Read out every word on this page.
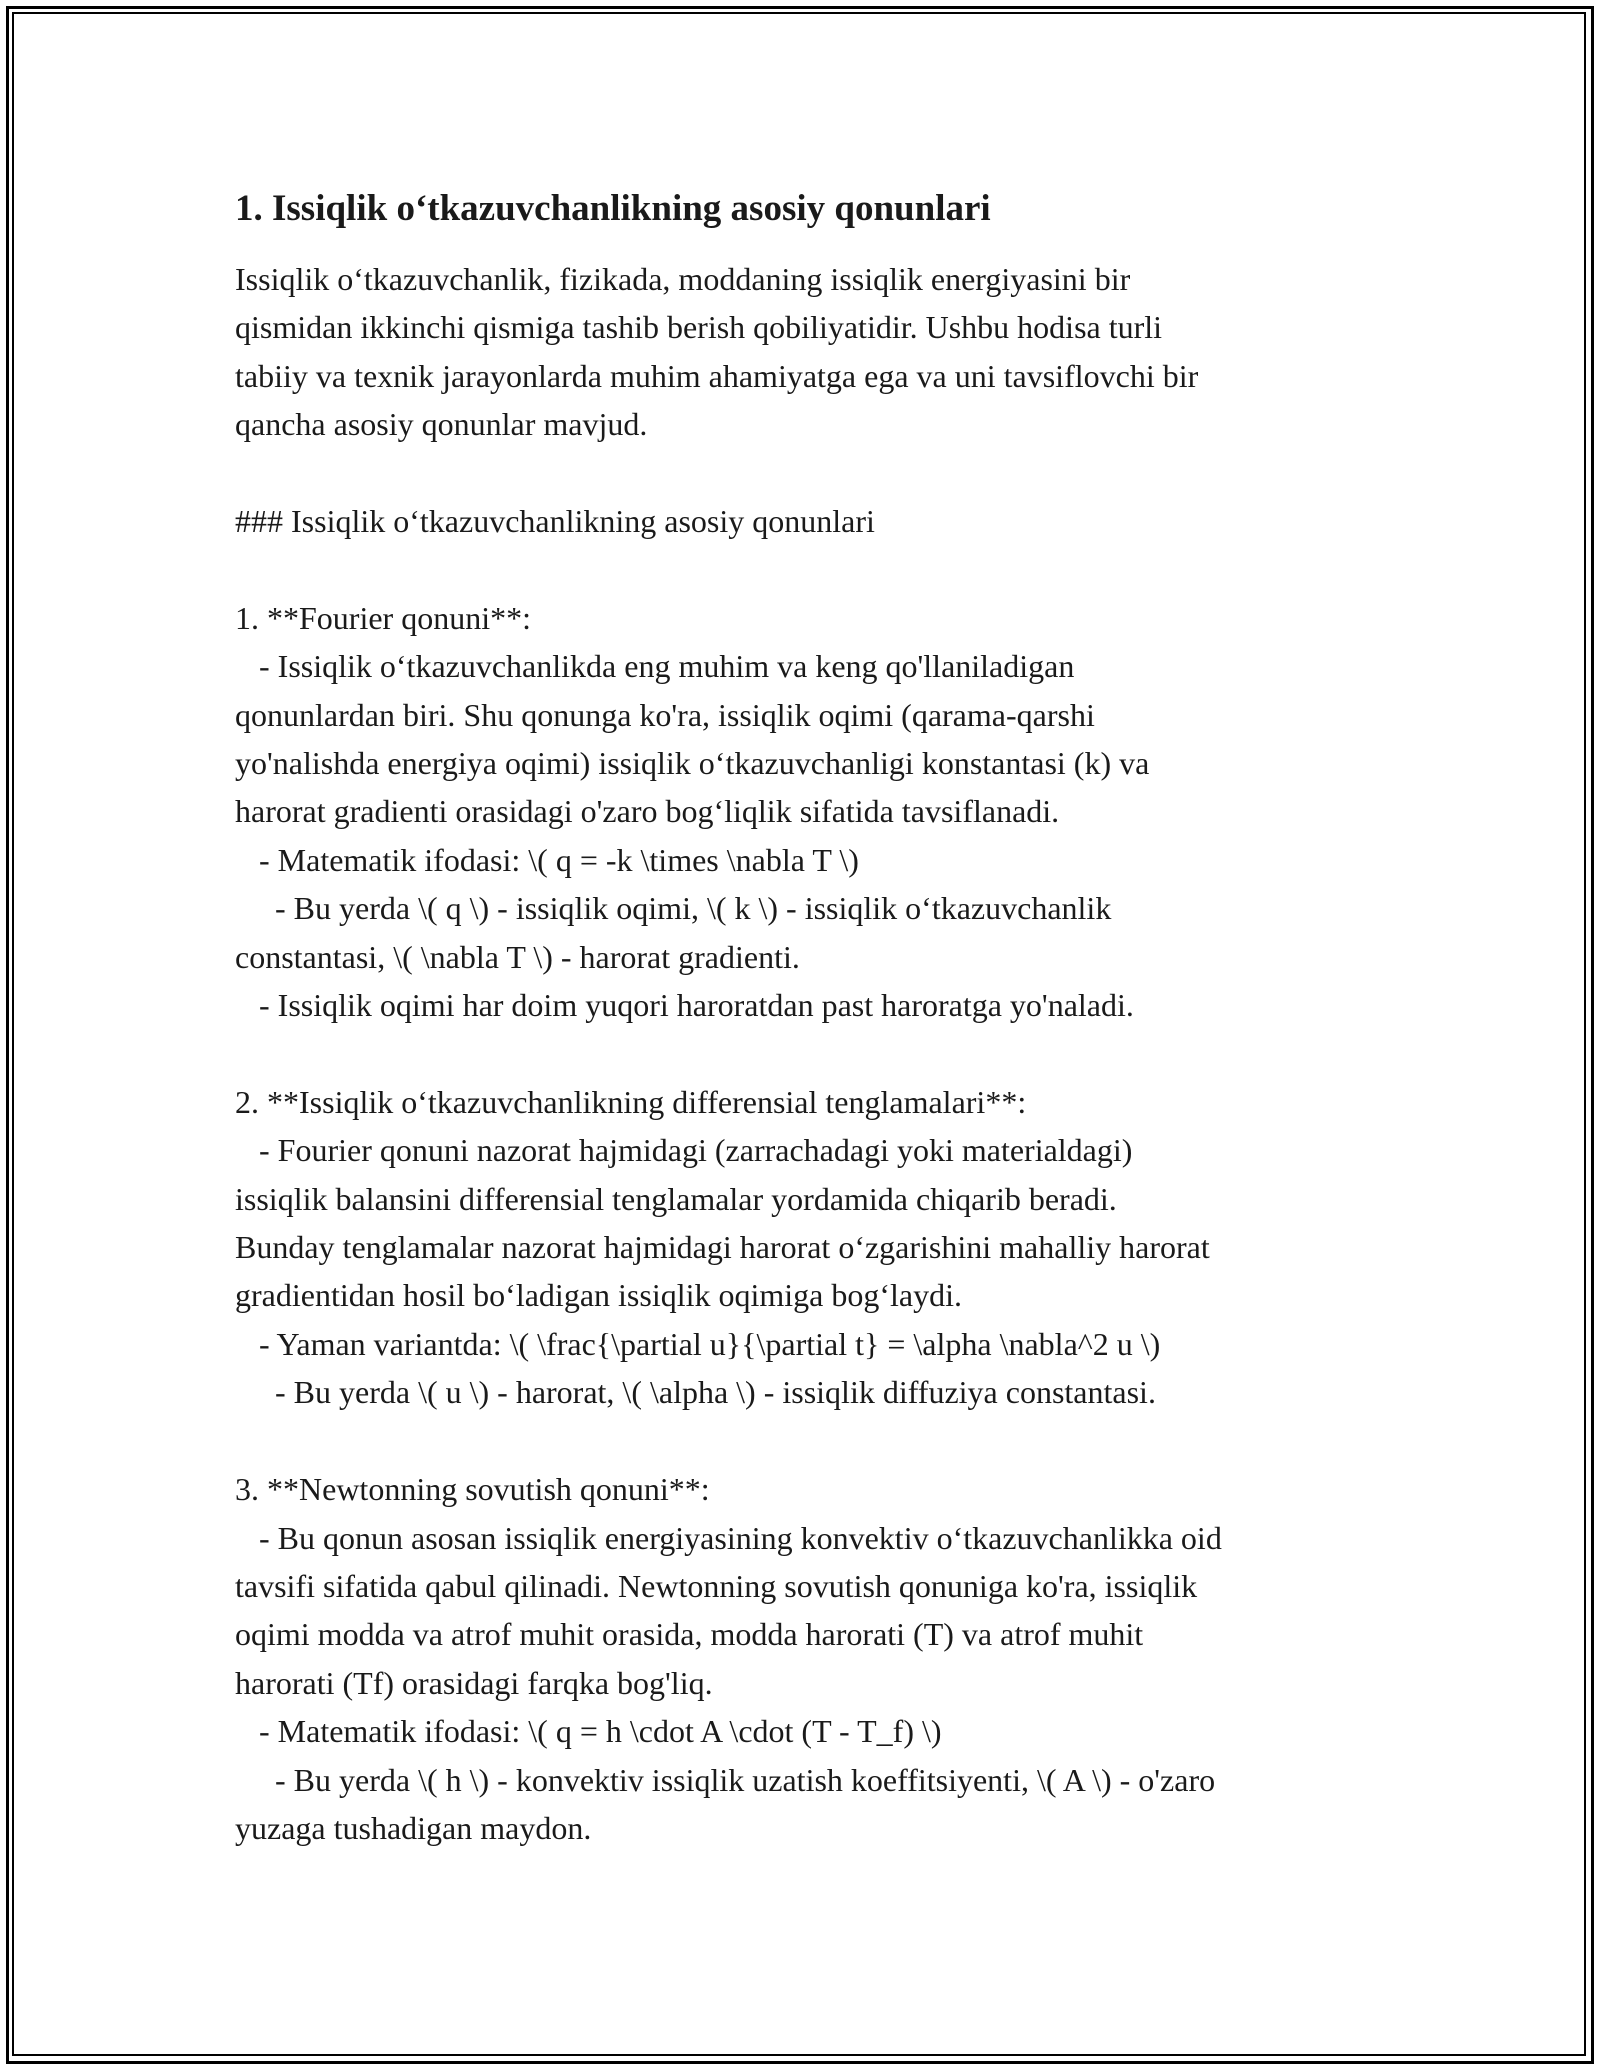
1. Issiqlik o‘tkazuvchanlikning asosiy qonunlari
Issiqlik o‘tkazuvchanlik, fizikada, moddaning issiqlik energiyasini bir
qismidan ikkinchi qismiga tashib berish qobiliyatidir. Ushbu hodisa turli
tabiiy va texnik jarayonlarda muhim ahamiyatga ega va uni tavsiflovchi bir
qancha asosiy qonunlar mavjud.
### Issiqlik o‘tkazuvchanlikning asosiy qonunlari
1. **Fourier qonuni**:
- Issiqlik o‘tkazuvchanlikda eng muhim va keng qo'llaniladigan
qonunlardan biri. Shu qonunga ko'ra, issiqlik oqimi (qarama-qarshi
yo'nalishda energiya oqimi) issiqlik o‘tkazuvchanligi konstantasi (k) va
harorat gradienti orasidagi o'zaro bog‘liqlik sifatida tavsiflanadi.
- Matematik ifodasi: \( q = -k \times \nabla T \)
- Bu yerda \( q \) - issiqlik oqimi, \( k \) - issiqlik o‘tkazuvchanlik
constantasi, \( \nabla T \) - harorat gradienti.
- Issiqlik oqimi har doim yuqori haroratdan past haroratga yo'naladi.
2. **Issiqlik o‘tkazuvchanlikning differensial tenglamalari**:
- Fourier qonuni nazorat hajmidagi (zarrachadagi yoki materialdagi)
issiqlik balansini differensial tenglamalar yordamida chiqarib beradi.
Bunday tenglamalar nazorat hajmidagi harorat o‘zgarishini mahalliy harorat
gradientidan hosil bo‘ladigan issiqlik oqimiga bog‘laydi.
- Yaman variantda: \( \frac{\partial u}{\partial t} = \alpha \nabla^2 u \)
- Bu yerda \( u \) - harorat, \( \alpha \) - issiqlik diffuziya constantasi.
3. **Newtonning sovutish qonuni**:
- Bu qonun asosan issiqlik energiyasining konvektiv o‘tkazuvchanlikka oid
tavsifi sifatida qabul qilinadi. Newtonning sovutish qonuniga ko'ra, issiqlik
oqimi modda va atrof muhit orasida, modda harorati (T) va atrof muhit
harorati (Tf) orasidagi farqka bog'liq.
- Matematik ifodasi: \( q = h \cdot A \cdot (T - T_f) \)
- Bu yerda \( h \) - konvektiv issiqlik uzatish koeffitsiyenti, \( A \) - o'zaro
yuzaga tushadigan maydon.
